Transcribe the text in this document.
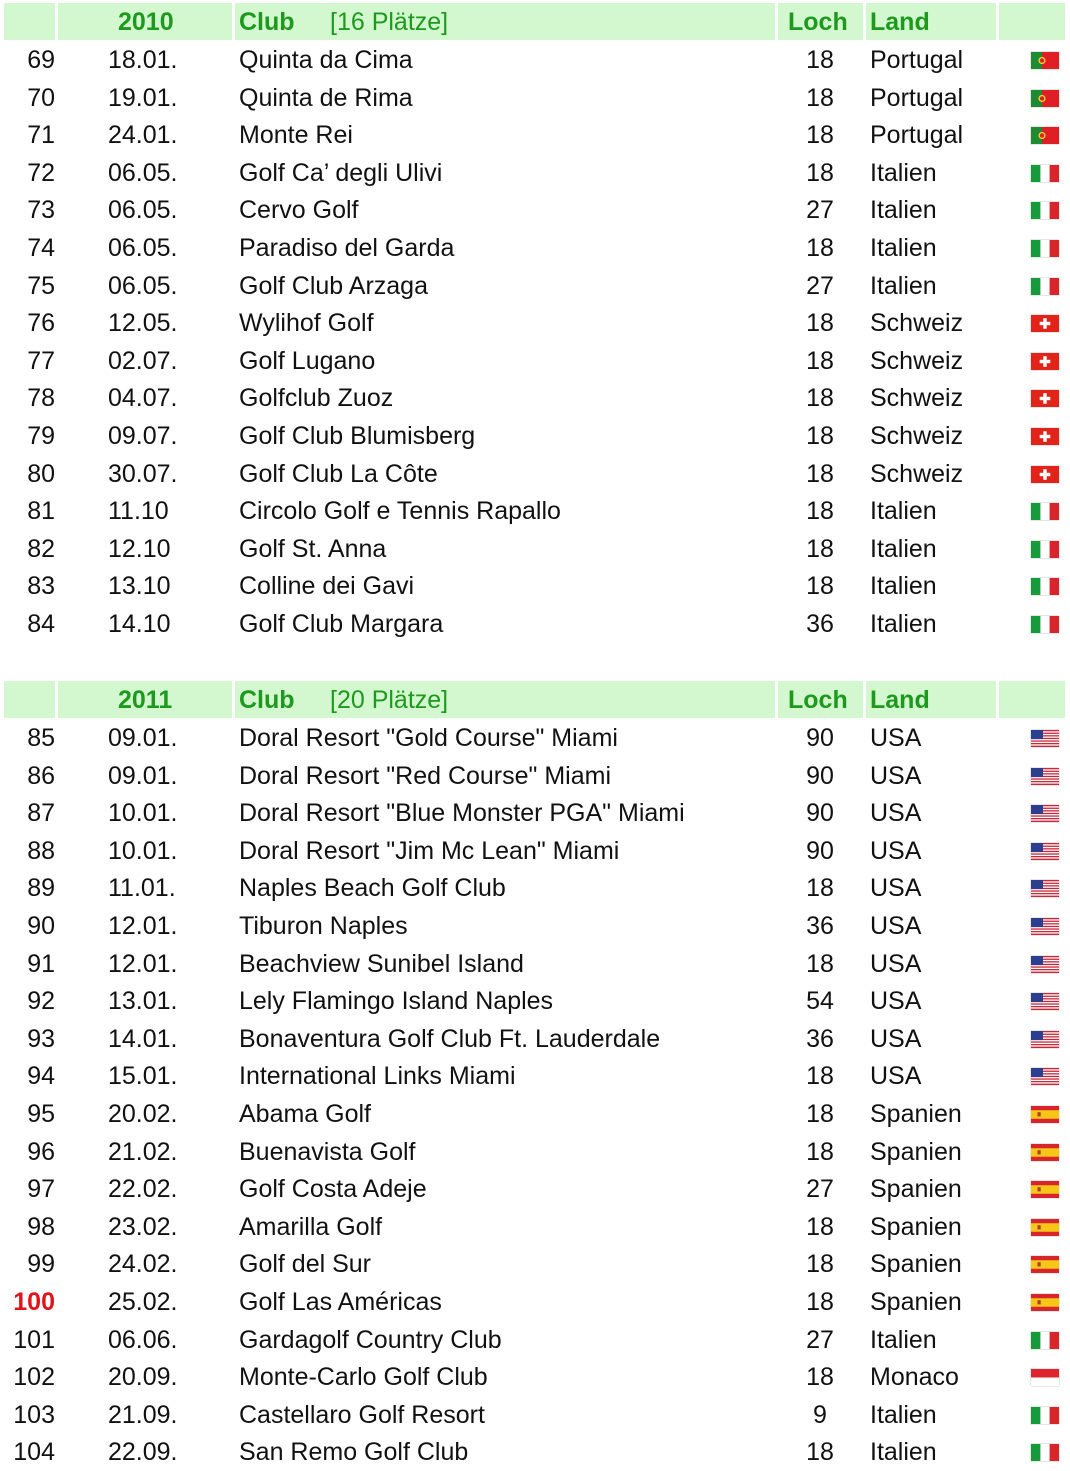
2010	Club [16 Plätze]	Loch Land
69 18.01. Quinta da Cima	18	Portugal
70 19.01. Quinta de Rima	18	Portugal
71 24.01. Monte Rei	18	Portugal
72 06.05. Golf Ca’ degli Ulivi	18	Italien
73 06.05. Cervo Golf	27	Italien
74 06.05. Paradiso del Garda	18	Italien
75 06.05. Golf Club Arzaga	27	Italien
76 12.05. Wylihof Golf	18	Schweiz
77 02.07. Golf Lugano	18	Schweiz
78 04.07. Golfclub Zuoz	18	Schweiz
79 09.07. Golf Club Blumisberg	18	Schweiz
80 30.07. Golf Club La Côte	18	Schweiz
81 11.10	Circolo Golf e Tennis Rapallo	18	Italien
82 12.10	Golf St. Anna	18	Italien
83 13.10	Colline dei Gavi	18	Italien
84 14.10	Golf Club Margara	36	Italien
2011	Club [20 Plätze]	Loch Land
85 09.01. Doral Resort "Gold Course" Miami	90	USA
86 09.01. Doral Resort "Red Course" Miami	90	USA
87 10.01. Doral Resort "Blue Monster PGA" Miami	90	USA
88 10.01. Doral Resort "Jim Mc Lean" Miami	90	USA
89 11.01.	Naples Beach Golf Club	18	USA
90 12.01. Tiburon Naples	36	USA
91 12.01. Beachview Sunibel Island	18	USA
92 13.01. Lely Flamingo Island Naples	54	USA
93 14.01. Bonaventura Golf Club Ft. Lauderdale	36	USA
94 15.01. International Links Miami	18	USA
95 20.02. Abama Golf	18	Spanien
96 21.02. Buenavista Golf	18	Spanien
97 22.02. Golf Costa Adeje	27	Spanien
98 23.02. Amarilla Golf	18	Spanien
99 24.02. Golf del Sur	18	Spanien
100 25.02. Golf Las Américas	18	Spanien
101 06.06. Gardagolf Country Club	27	Italien
102 20.09. Monte-Carlo Golf Club	18	Monaco
103 21.09. Castellaro Golf Resort	9	Italien
104 22.09. San Remo Golf Club	18	Italien
